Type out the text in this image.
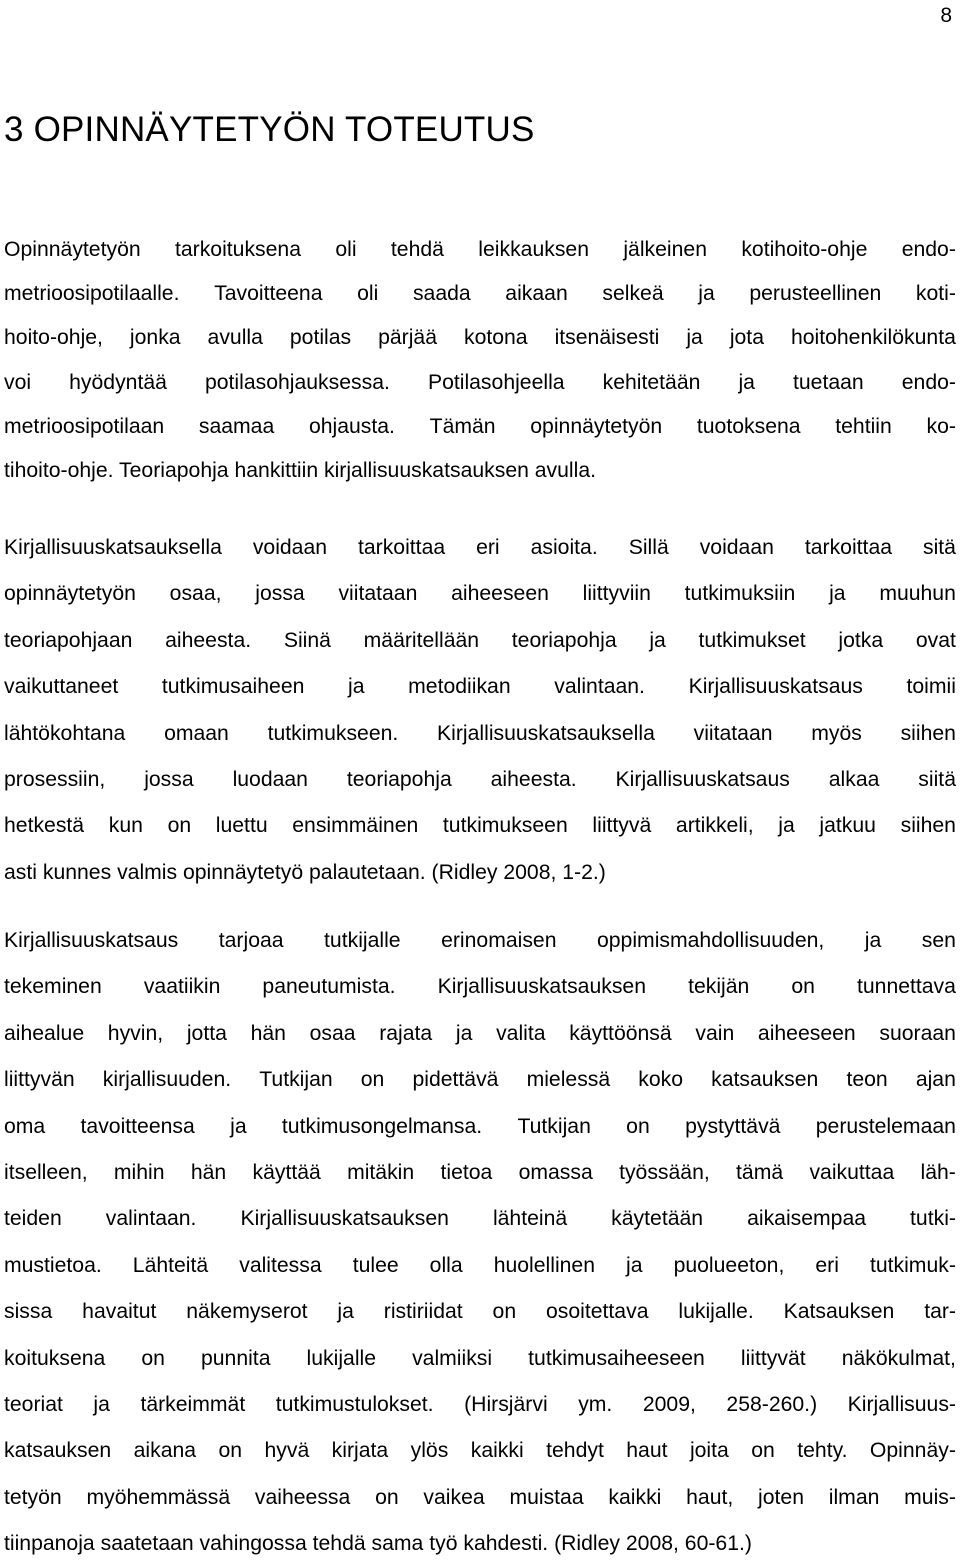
8
3 OPINNÄYTETYÖN TOTEUTUS

Opinnäytetyön tarkoituksena oli tehdä leikkauksen jälkeinen kotihoito-ohje endo-
metrioosipotilaalle. Tavoitteena oli saada aikaan selkeä ja perusteellinen koti-
hoito-ohje, jonka avulla potilas pärjää kotona itsenäisesti ja jota hoitohenkilökunta
voi hyödyntää potilasohjauksessa. Potilasohjeella kehitetään ja tuetaan endo-
metrioosipotilaan saamaa ohjausta. Tämän opinnäytetyön tuotoksena tehtiin ko-
tihoito-ohje. Teoriapohja hankittiin kirjallisuuskatsauksen avulla.

Kirjallisuuskatsauksella voidaan tarkoittaa eri asioita. Sillä voidaan tarkoittaa sitä
opinnäytetyön osaa, jossa viitataan aiheeseen liittyviin tutkimuksiin ja muuhun
teoriapohjaan aiheesta. Siinä määritellään teoriapohja ja tutkimukset jotka ovat
vaikuttaneet tutkimusaiheen ja metodiikan valintaan. Kirjallisuuskatsaus toimii
lähtökohtana omaan tutkimukseen. Kirjallisuuskatsauksella viitataan myös siihen
prosessiin, jossa luodaan teoriapohja aiheesta. Kirjallisuuskatsaus alkaa siitä
hetkestä kun on luettu ensimmäinen tutkimukseen liittyvä artikkeli, ja jatkuu siihen
asti kunnes valmis opinnäytetyö palautetaan. (Ridley 2008, 1-2.)

Kirjallisuuskatsaus tarjoaa tutkijalle erinomaisen oppimismahdollisuuden, ja sen
tekeminen vaatiikin paneutumista. Kirjallisuuskatsauksen tekijän on tunnettava
aihealue hyvin, jotta hän osaa rajata ja valita käyttöönsä vain aiheeseen suoraan
liittyvän kirjallisuuden. Tutkijan on pidettävä mielessä koko katsauksen teon ajan
oma tavoitteensa ja tutkimusongelmansa. Tutkijan on pystyttävä perustelemaan
itselleen, mihin hän käyttää mitäkin tietoa omassa työssään, tämä vaikuttaa läh-
teiden valintaan. Kirjallisuuskatsauksen lähteinä käytetään aikaisempaa tutki-
mustietoa. Lähteitä valitessa tulee olla huolellinen ja puolueeton, eri tutkimuk-
sissa havaitut näkemyserot ja ristiriidat on osoitettava lukijalle. Katsauksen tar-
koituksena on punnita lukijalle valmiiksi tutkimusaiheeseen liittyvät näkökulmat,
teoriat ja tärkeimmät tutkimustulokset. (Hirsjärvi ym. 2009, 258-260.) Kirjallisuus-
katsauksen aikana on hyvä kirjata ylös kaikki tehdyt haut joita on tehty. Opinnäy-
tetyön myöhemmässä vaiheessa on vaikea muistaa kaikki haut, joten ilman muis-
tiinpanoja saatetaan vahingossa tehdä sama työ kahdesti. (Ridley 2008, 60-61.)
